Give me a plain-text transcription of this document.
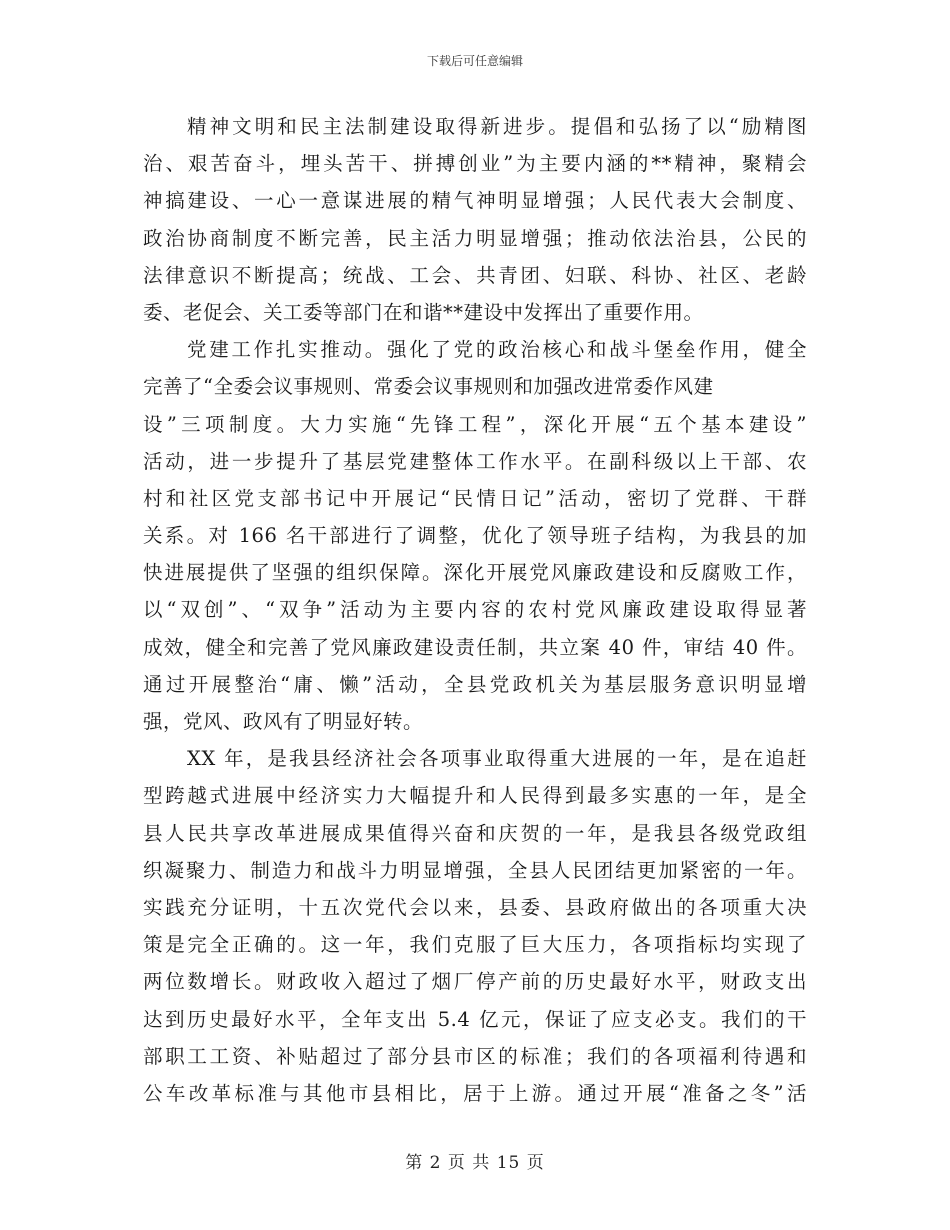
下载后可任意编辑
精神文明和民主法制建设取得新进步。提倡和弘扬了以“励精图
治、艰苦奋斗，埋头苦干、拼搏创业”为主要内涵的**精神，聚精会
神搞建设、一心一意谋进展的精气神明显增强；人民代表大会制度、
政治协商制度不断完善，民主活力明显增强；推动依法治县，公民的
法律意识不断提高；统战、工会、共青团、妇联、科协、社区、老龄
委、老促会、关工委等部门在和谐**建设中发挥出了重要作用。
党建工作扎实推动。强化了党的政治核心和战斗堡垒作用，健全
完善了“全委会议事规则、常委会议事规则和加强改进常委作风建
设”三项制度。大力实施“先锋工程”，深化开展“五个基本建设”
活动，进一步提升了基层党建整体工作水平。在副科级以上干部、农
村和社区党支部书记中开展记“民情日记”活动，密切了党群、干群
关系。对 166 名干部进行了调整，优化了领导班子结构，为我县的加
快进展提供了坚强的组织保障。深化开展党风廉政建设和反腐败工作，
以“双创”、“双争”活动为主要内容的农村党风廉政建设取得显著
成效，健全和完善了党风廉政建设责任制，共立案 40 件，审结 40 件。
通过开展整治“庸、懒”活动，全县党政机关为基层服务意识明显增
强，党风、政风有了明显好转。
XX 年，是我县经济社会各项事业取得重大进展的一年，是在追赶
型跨越式进展中经济实力大幅提升和人民得到最多实惠的一年，是全
县人民共享改革进展成果值得兴奋和庆贺的一年，是我县各级党政组
织凝聚力、制造力和战斗力明显增强，全县人民团结更加紧密的一年。
实践充分证明，十五次党代会以来，县委、县政府做出的各项重大决
策是完全正确的。这一年，我们克服了巨大压力，各项指标均实现了
两位数增长。财政收入超过了烟厂停产前的历史最好水平，财政支出
达到历史最好水平，全年支出 5.4 亿元，保证了应支必支。我们的干
部职工工资、补贴超过了部分县市区的标准；我们的各项福利待遇和
公车改革标准与其他市县相比，居于上游。通过开展“准备之冬”活
第 2 页 共 15 页
